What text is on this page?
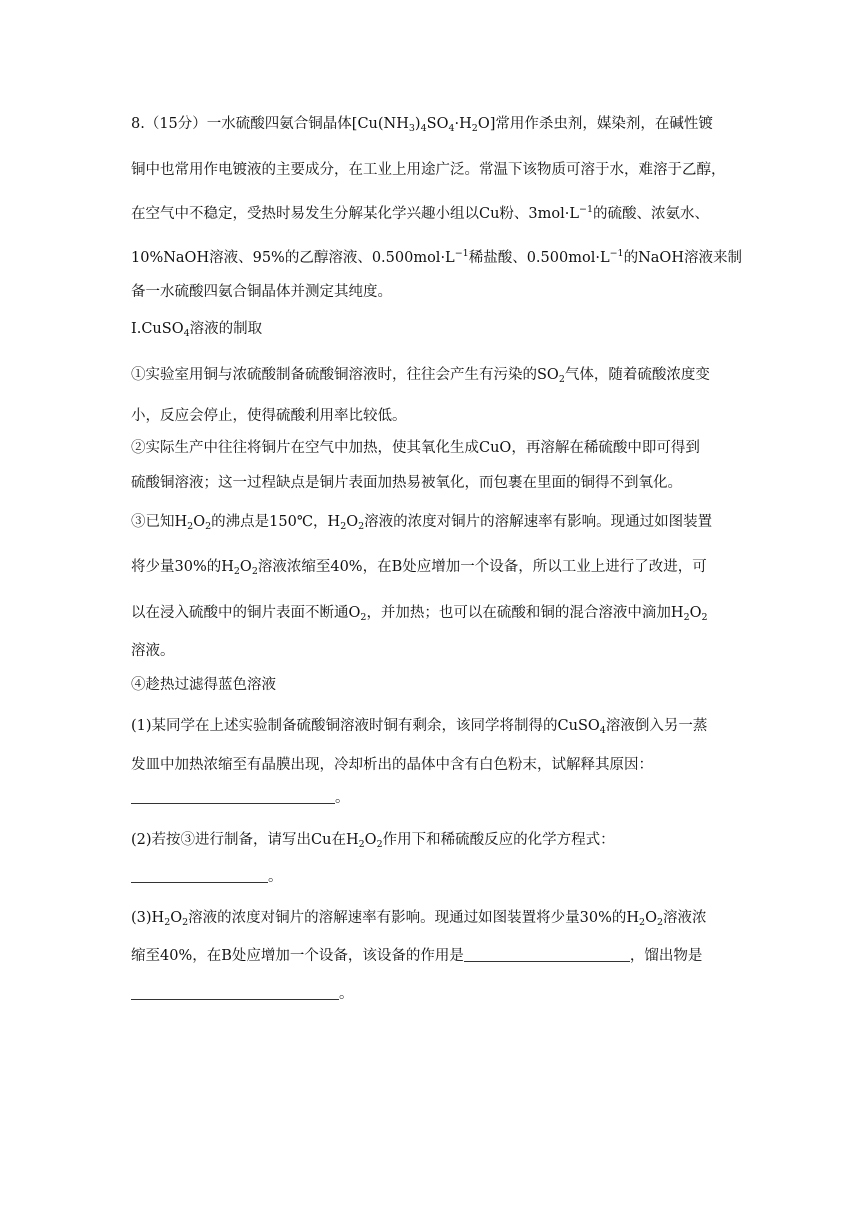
8.（15分）一水硫酸四氨合铜晶体$[Cu(NH_3)_4SO_4\cdot H_2O]$常用作杀虫剂，媒染剂，在碱性镀
铜中也常用作电镀液的主要成分，在工业上用途广泛。常温下该物质可溶于水，难溶于乙醇，
在空气中不稳定，受热时易发生分解某化学兴趣小组以Cu粉、$3mol\cdot L^{-1}$的硫酸、浓氨水、
10%NaOH溶液、95%的乙醇溶液、$0.500mol\cdot L^{-1}$稀盐酸、$0.500mol\cdot L^{-1}$的NaOH溶液来制
备一水硫酸四氨合铜晶体并测定其纯度。
I.CuSO$_4$溶液的制取
①实验室用铜与浓硫酸制备硫酸铜溶液时，往往会产生有污染的$SO_2$气体，随着硫酸浓度变
小，反应会停止，使得硫酸利用率比较低。
②实际生产中往往将铜片在空气中加热，使其氧化生成CuO，再溶解在稀硫酸中即可得到
硫酸铜溶液；这一过程缺点是铜片表面加热易被氧化，而包裹在里面的铜得不到氧化。
③已知$H_2O_2$的沸点是150℃，$H_2O_2$溶液的浓度对铜片的溶解速率有影响。现通过如图装置
将少量30%的$H_2O_2$溶液浓缩至40%，在B处应增加一个设备，所以工业上进行了改进，可
以在浸入硫酸中的铜片表面不断通$O_2$，并加热；也可以在硫酸和铜的混合溶液中滴加$H_2O_2$
溶液。
④趁热过滤得蓝色溶液
(1)某同学在上述实验制备硫酸铜溶液时铜有剩余，该同学将制得的CuSO$_4$溶液倒入另一蒸
发皿中加热浓缩至有晶膜出现，冷却析出的晶体中含有白色粉末，试解释其原因：
。
(2)若按③进行制备，请写出Cu在$H_2O_2$作用下和稀硫酸反应的化学方程式：
。
$(3)H_2O_2$溶液的浓度对铜片的溶解速率有影响。现通过如图装置将少量30%的$H_2O_2$溶液浓
缩至40%，在B处应增加一个设备，该设备的作用是	，馏出物是
。
